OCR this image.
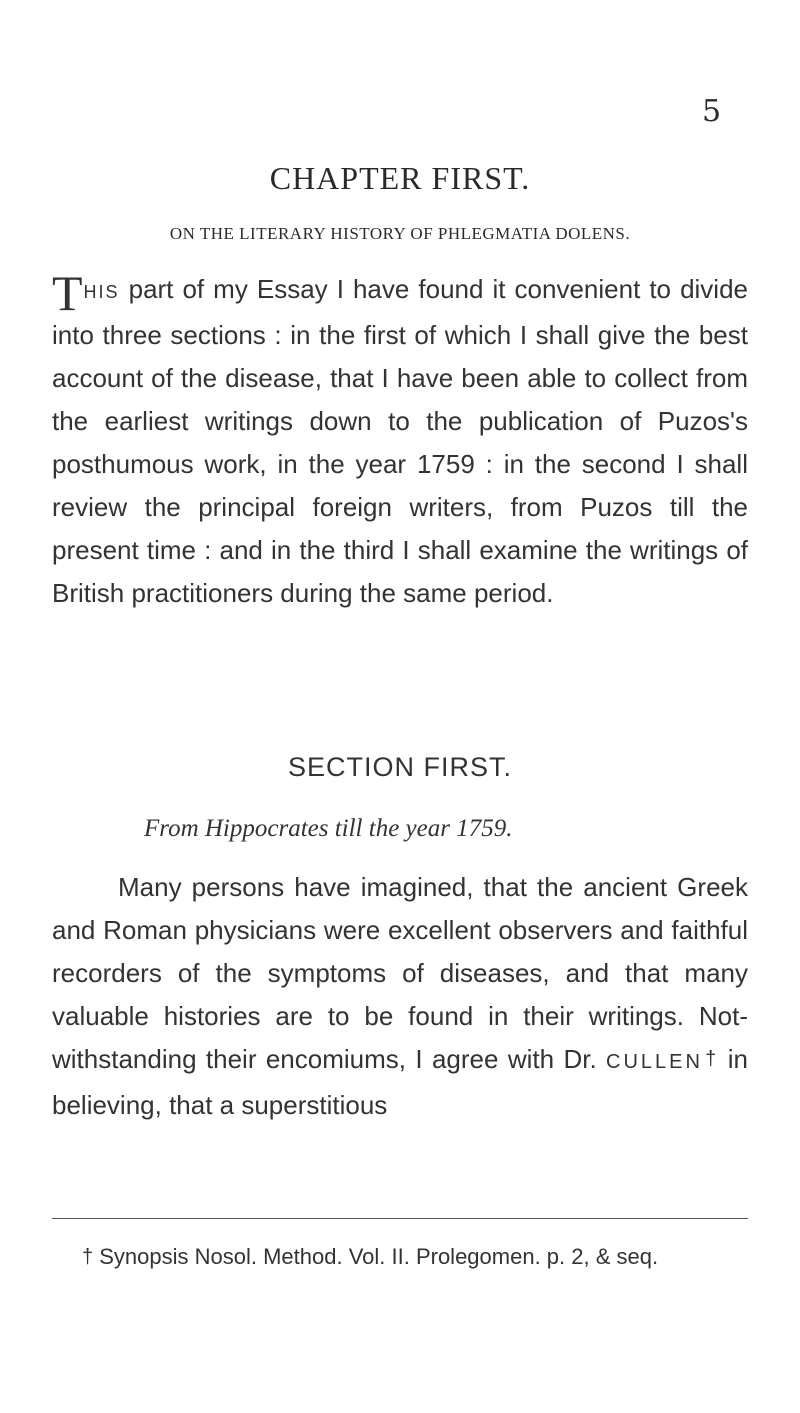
5
CHAPTER FIRST.
ON THE LITERARY HISTORY OF PHLEGMATIA DOLENS.
THIS part of my Essay I have found it convenient to divide into three sections : in the first of which I shall give the best account of the disease, that I have been able to collect from the earliest writings down to the publication of Puzos's posthumous work, in the year 1759 : in the second I shall review the principal foreign writers, from Puzos till the present time : and in the third I shall examine the writings of British practitioners during the same period.
SECTION FIRST.
From Hippocrates till the year 1759.
Many persons have imagined, that the ancient Greek and Roman physicians were excellent observers and faithful recorders of the symptoms of diseases, and that many valuable histories are to be found in their writings. Notwithstanding their encomiums, I agree with Dr. CULLEN† in believing, that a superstitious
† Synopsis Nosol. Method. Vol. II. Prolegomen. p. 2, & seq.
